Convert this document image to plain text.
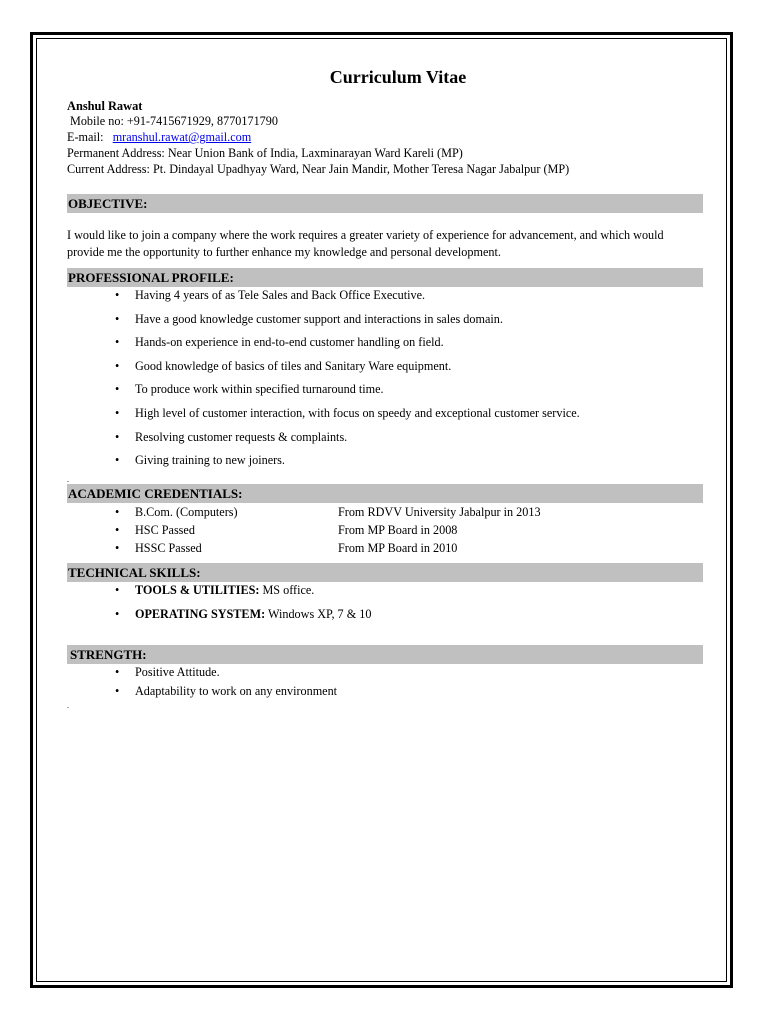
Curriculum Vitae
Anshul Rawat
Mobile no: +91-7415671929, 8770171790
E-mail: mranshul.rawat@gmail.com
Permanent Address: Near Union Bank of India, Laxminarayan Ward Kareli (MP)
Current Address: Pt. Dindayal Upadhyay Ward, Near Jain Mandir, Mother Teresa Nagar Jabalpur (MP)
OBJECTIVE:
I would like to join a company where the work requires a greater variety of experience for advancement, and which would provide me the opportunity to further enhance my knowledge and personal development.
PROFESSIONAL PROFILE:
• Having 4 years of as Tele Sales and Back Office Executive.
• Have a good knowledge customer support and interactions in sales domain.
• Hands-on experience in end-to-end customer handling on field.
• Good knowledge of basics of tiles and Sanitary Ware equipment.
• To produce work within specified turnaround time.
• High level of customer interaction, with focus on speedy and exceptional customer service.
• Resolving customer requests & complaints.
• Giving training to new joiners.
.
ACADEMIC CREDENTIALS:
• B.Com. (Computers)	From RDVV University Jabalpur in 2013
• HSC Passed	From MP Board in 2008
• HSSC Passed	From MP Board in 2010
TECHNICAL SKILLS:
• TOOLS & UTILITIES: MS office.
• OPERATING SYSTEM: Windows XP, 7 & 10
STRENGTH:
• Positive Attitude.
• Adaptability to work on any environment
.
